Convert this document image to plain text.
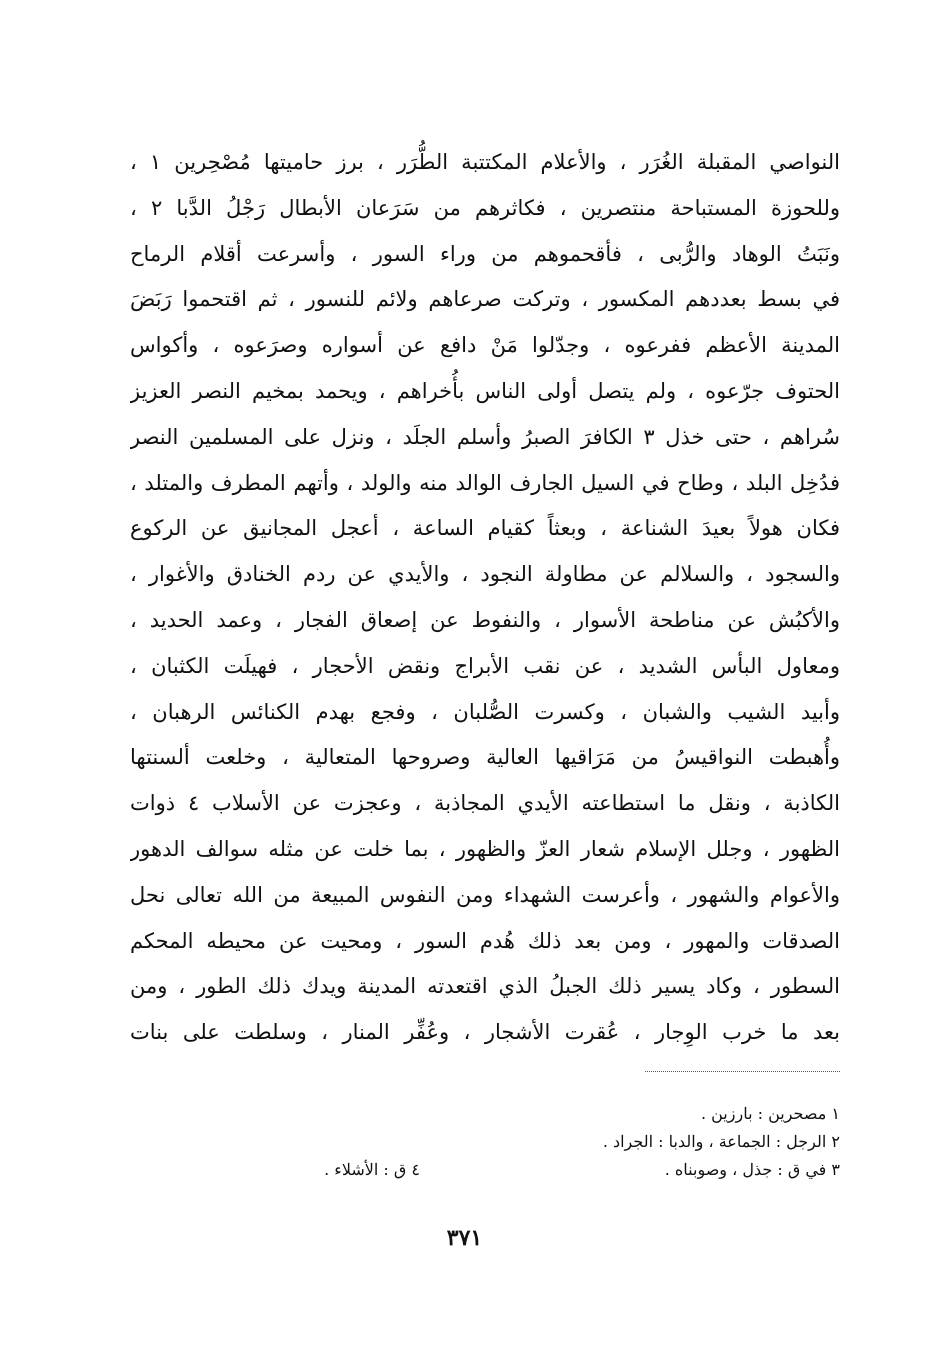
النواصي المقبلة الغُرَر ، والأعلام المكتتبة الطُّرَر ، برز حاميتها مُصْحِرين ١ ،
وللحوزة المستباحة منتصرين ، فكاثرهم من سَرَعان الأبطال رَجْلُ الدَّبا ٢ ،
ونَبَتُ الوهاد والرُّبى ، فأقحموهم من وراء السور ، وأسرعت أقلام الرماح
في بسط بعددهم المكسور ، وتركت صرعاهم ولائم للنسور ، ثم اقتحموا رَبَضَ
المدينة الأعظم ففرعوه ، وجدّلوا مَنْ دافع عن أسواره وصرَعوه ، وأكواس
الحتوف جرّعوه ، ولم يتصل أولى الناس بأُخراهم ، ويحمد بمخيم النصر العزيز
سُراهم ، حتى خذل ٣ الكافرَ الصبرُ وأسلم الجلَد ، ونزل على المسلمين النصر
فدُخِل البلد ، وطاح في السيل الجارف الوالد منه والولد ، وأتهم المطرف والمتلد ،
فكان هولاً بعيدَ الشناعة ، وبعثاً كقيام الساعة ، أعجل المجانيق عن الركوع
والسجود ، والسلالم عن مطاولة النجود ، والأيدي عن ردم الخنادق والأغوار ،
والأكبُش عن مناطحة الأسوار ، والنفوط عن إصعاق الفجار ، وعمد الحديد ،
ومعاول البأس الشديد ، عن نقب الأبراج ونقض الأحجار ، فهيلَت الكثبان ،
وأبيد الشيب والشبان ، وكسرت الصُّلبان ، وفجع بهدم الكنائس الرهبان ،
وأُهبطت النواقيسُ من مَرَاقيها العالية وصروحها المتعالية ، وخلعت ألسنتها
الكاذبة ، ونقل ما استطاعته الأيدي المجاذبة ، وعجزت عن الأسلاب ٤ ذوات
الظهور ، وجلل الإسلام شعار العزّ والظهور ، بما خلت عن مثله سوالف الدهور
والأعوام والشهور ، وأعرست الشهداء ومن النفوس المبيعة من الله تعالى نحل
الصدقات والمهور ، ومن بعد ذلك هُدم السور ، ومحيت عن محيطه المحكم
السطور ، وكاد يسير ذلك الجبلُ الذي اقتعدته المدينة ويدك ذلك الطور ، ومن
بعد ما خرب الوِجار ، عُقرت الأشجار ، وعُفِّر المنار ، وسلطت على بنات
١ مصحرين : بارزين .
٢ الرجل : الجماعة ، والدبا : الجراد .
٣ في ق : جذل ، وصوبناه .
٤ ق : الأشلاء .
٣٧١
